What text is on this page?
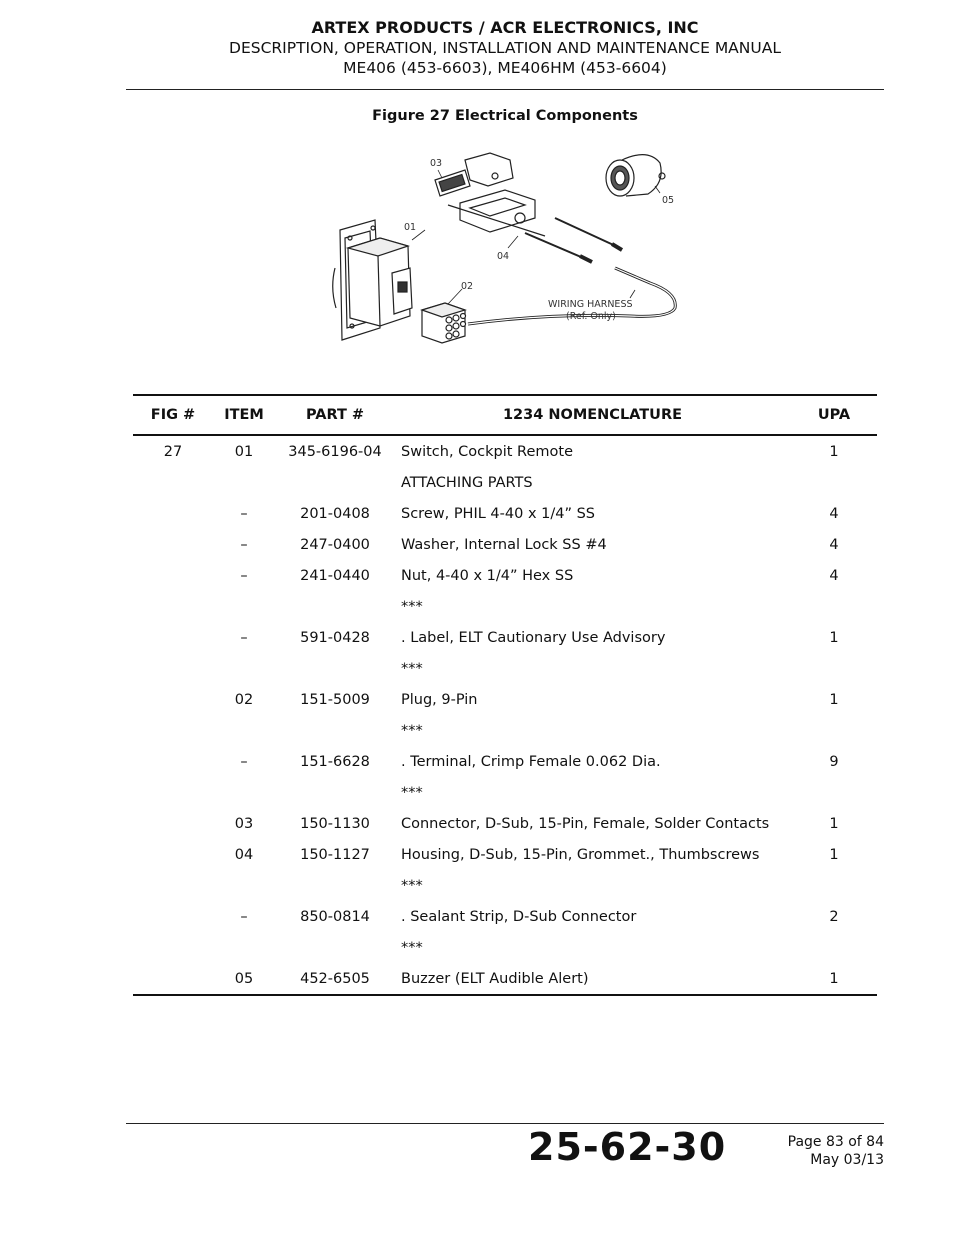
ARTEX PRODUCTS / ACR ELECTRONICS, INC
DESCRIPTION, OPERATION, INSTALLATION AND MAINTENANCE MANUAL
ME406 (453-6603), ME406HM (453-6604)
Figure 27 Electrical Components
03
01
04
02
05
WIRING HARNESS
(Ref. Only)
FIG #	ITEM	PART #	1234 NOMENCLATURE	UPA
27	01	345-6196-04	Switch, Cockpit Remote	1
			ATTACHING PARTS	
	–	201-0408	Screw, PHIL 4-40 x 1/4” SS	4
	–	247-0400	Washer, Internal Lock SS #4	4
	–	241-0440	Nut, 4-40 x 1/4” Hex SS	4
			***	
	–	591-0428	. Label, ELT Cautionary Use Advisory	1
			***	
	02	151-5009	Plug, 9-Pin	1
			***	
	–	151-6628	. Terminal, Crimp Female 0.062 Dia.	9
			***	
	03	150-1130	Connector, D-Sub, 15-Pin, Female, Solder Contacts	1
	04	150-1127	Housing, D-Sub, 15-Pin, Grommet., Thumbscrews	1
			***	
	–	850-0814	. Sealant Strip, D-Sub Connector	2
			***	
	05	452-6505	Buzzer (ELT Audible Alert)	1
25-62-30	Page 83 of 84
May 03/13
